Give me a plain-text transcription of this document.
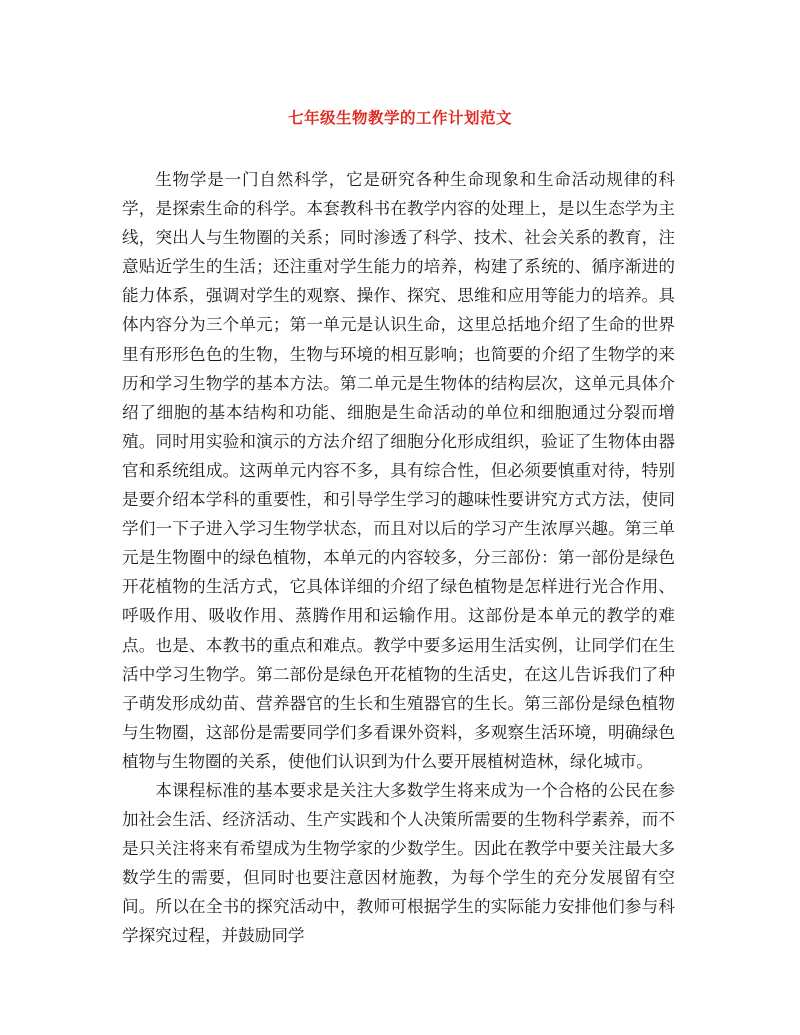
七年级生物教学的工作计划范文

生物学是一门自然科学，它是研究各种生命现象和生命活动规律的科学，是探索生命的科学。本套教科书在教学内容的处理上，是以生态学为主线，突出人与生物圈的关系；同时渗透了科学、技术、社会关系的教育，注意贴近学生的生活；还注重对学生能力的培养，构建了系统的、循序渐进的能力体系，强调对学生的观察、操作、探究、思维和应用等能力的培养。具体内容分为三个单元；第一单元是认识生命，这里总括地介绍了生命的世界里有形形色色的生物，生物与环境的相互影响；也简要的介绍了生物学的来历和学习生物学的基本方法。第二单元是生物体的结构层次，这单元具体介绍了细胞的基本结构和功能、细胞是生命活动的单位和细胞通过分裂而增殖。同时用实验和演示的方法介绍了细胞分化形成组织，验证了生物体由器官和系统组成。这两单元内容不多，具有综合性，但必须要慎重对待，特别是要介绍本学科的重要性，和引导学生学习的趣味性要讲究方式方法，使同学们一下子进入学习生物学状态，而且对以后的学习产生浓厚兴趣。第三单元是生物圈中的绿色植物，本单元的内容较多，分三部份：第一部份是绿色开花植物的生活方式，它具体详细的介绍了绿色植物是怎样进行光合作用、呼吸作用、吸收作用、蒸腾作用和运输作用。这部份是本单元的教学的难点。也是、本教书的重点和难点。教学中要多运用生活实例，让同学们在生活中学习生物学。第二部份是绿色开花植物的生活史，在这儿告诉我们了种子萌发形成幼苗、营养器官的生长和生殖器官的生长。第三部份是绿色植物与生物圈，这部份是需要同学们多看课外资料，多观察生活环境，明确绿色植物与生物圈的关系，使他们认识到为什么要开展植树造林，绿化城市。

本课程标准的基本要求是关注大多数学生将来成为一个合格的公民在参加社会生活、经济活动、生产实践和个人决策所需要的生物科学素养，而不是只关注将来有希望成为生物学家的少数学生。因此在教学中要关注最大多数学生的需要，但同时也要注意因材施教，为每个学生的充分发展留有空间。所以在全书的探究活动中，教师可根据学生的实际能力安排他们参与科学探究过程，并鼓励同学
